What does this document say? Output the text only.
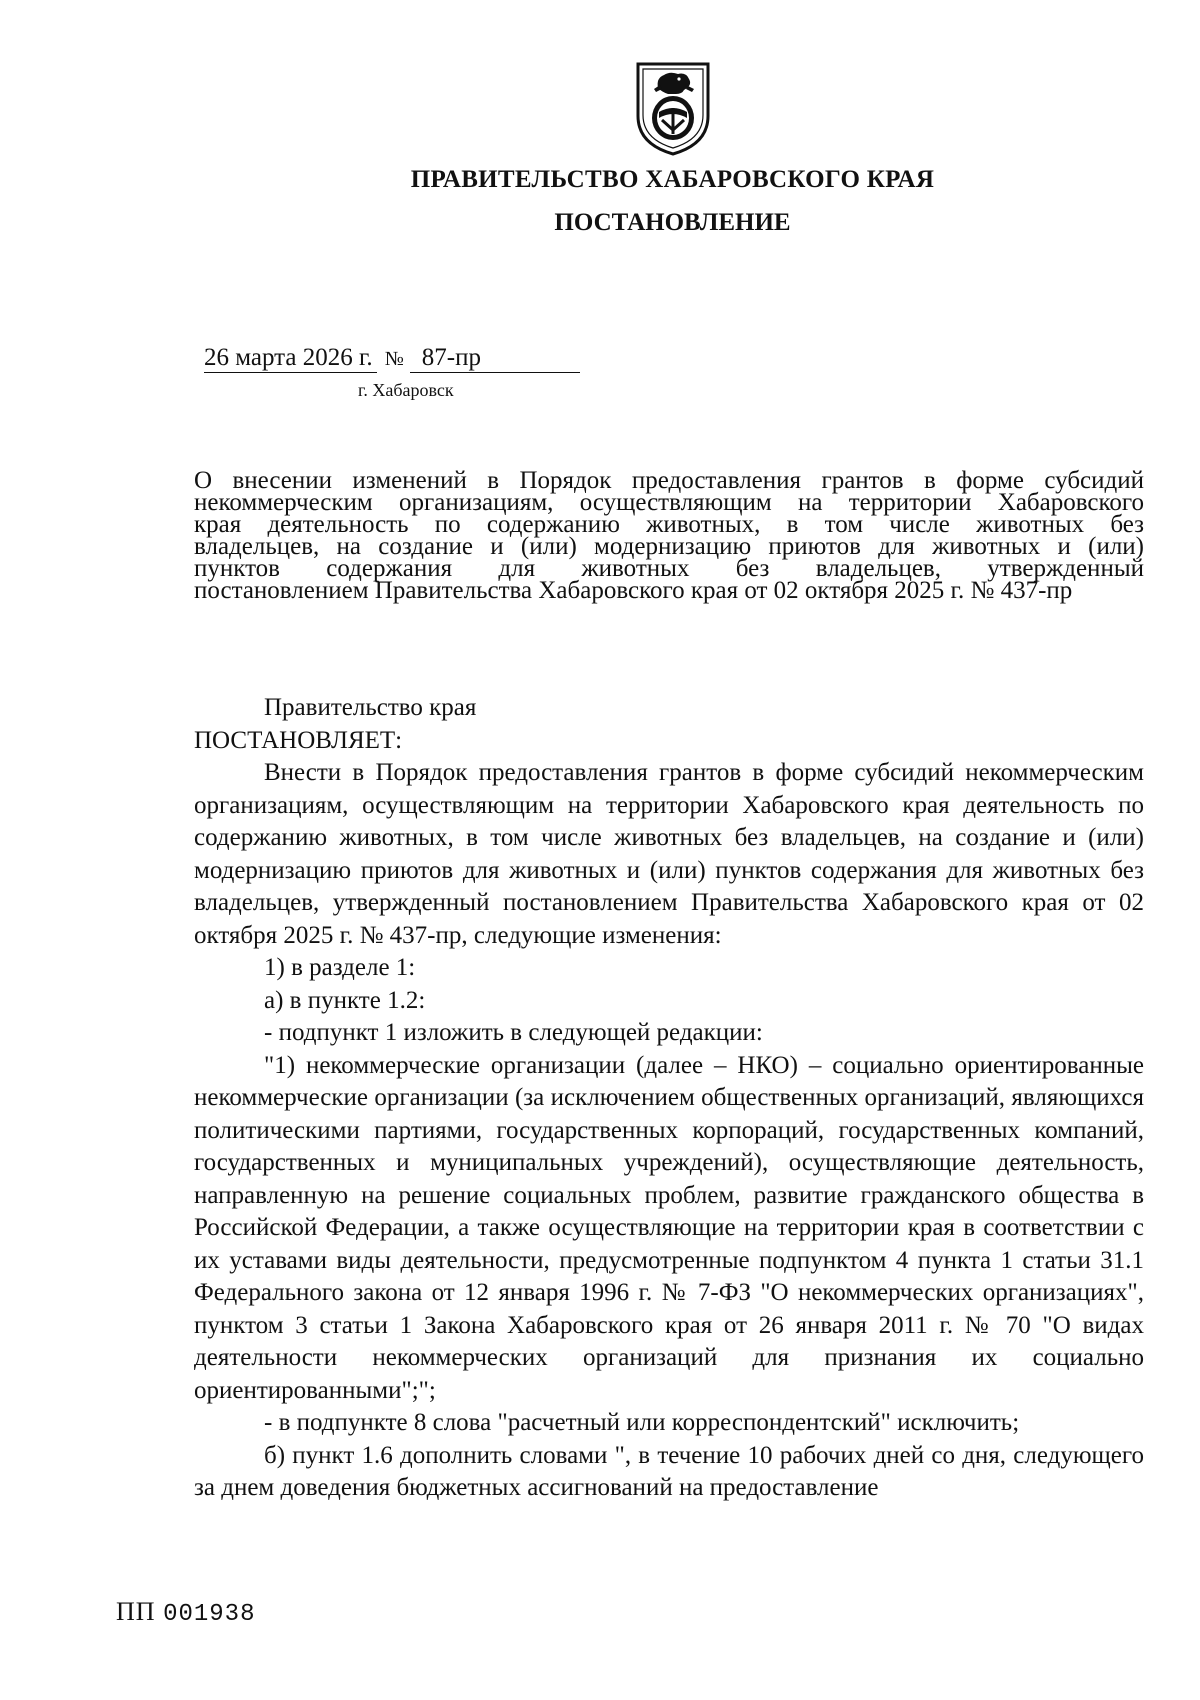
ПРАВИТЕЛЬСТВО ХАБАРОВСКОГО КРАЯ
ПОСТАНОВЛЕНИЕ
26 марта 2026 г. № 87-пр
г. Хабаровск
О внесении изменений в Порядок предоставления грантов в форме субсидий
некоммерческим организациям, осуществляющим на территории Хабаровского
края деятельность по содержанию животных, в том числе животных без
владельцев, на создание и (или) модернизацию приютов для животных и (или)
пунктов содержания для животных без владельцев, утвержденный
постановлением Правительства Хабаровского края от 02 октября 2025 г. № 437-пр

Правительство края

ПОСТАНОВЛЯЕТ:

Внести в Порядок предоставления грантов в форме субсидий некоммерческим организациям, осуществляющим на территории Хабаровского края деятельность по содержанию животных, в том числе животных без владельцев, на создание и (или) модернизацию приютов для животных и (или) пунктов содержания для животных без владельцев, утвержденный постановлением Правительства Хабаровского края от 02 октября 2025 г. № 437-пр, следующие изменения:

1) в разделе 1:

а) в пункте 1.2:

- подпункт 1 изложить в следующей редакции:

"1) некоммерческие организации (далее – НКО) – социально ориентированные некоммерческие организации (за исключением общественных организаций, являющихся политическими партиями, государственных корпораций, государственных компаний, государственных и муниципальных учреждений), осуществляющие деятельность, направленную на решение социальных проблем, развитие гражданского общества в Российской Федерации, а также осуществляющие на территории края в соответствии с их уставами виды деятельности, предусмотренные подпунктом 4 пункта 1 статьи 31.1 Федерального закона от 12 января 1996 г. № 7-ФЗ "О некоммерческих организациях", пунктом 3 статьи 1 Закона Хабаровского края от 26 января 2011 г. № 70 "О видах деятельности некоммерческих организаций для признания их социально ориентированными";";

- в подпункте 8 слова "расчетный или корреспондентский" исключить;

б) пункт 1.6 дополнить словами ", в течение 10 рабочих дней со дня, следующего за днем доведения бюджетных ассигнований на предоставление

ПП 001938
